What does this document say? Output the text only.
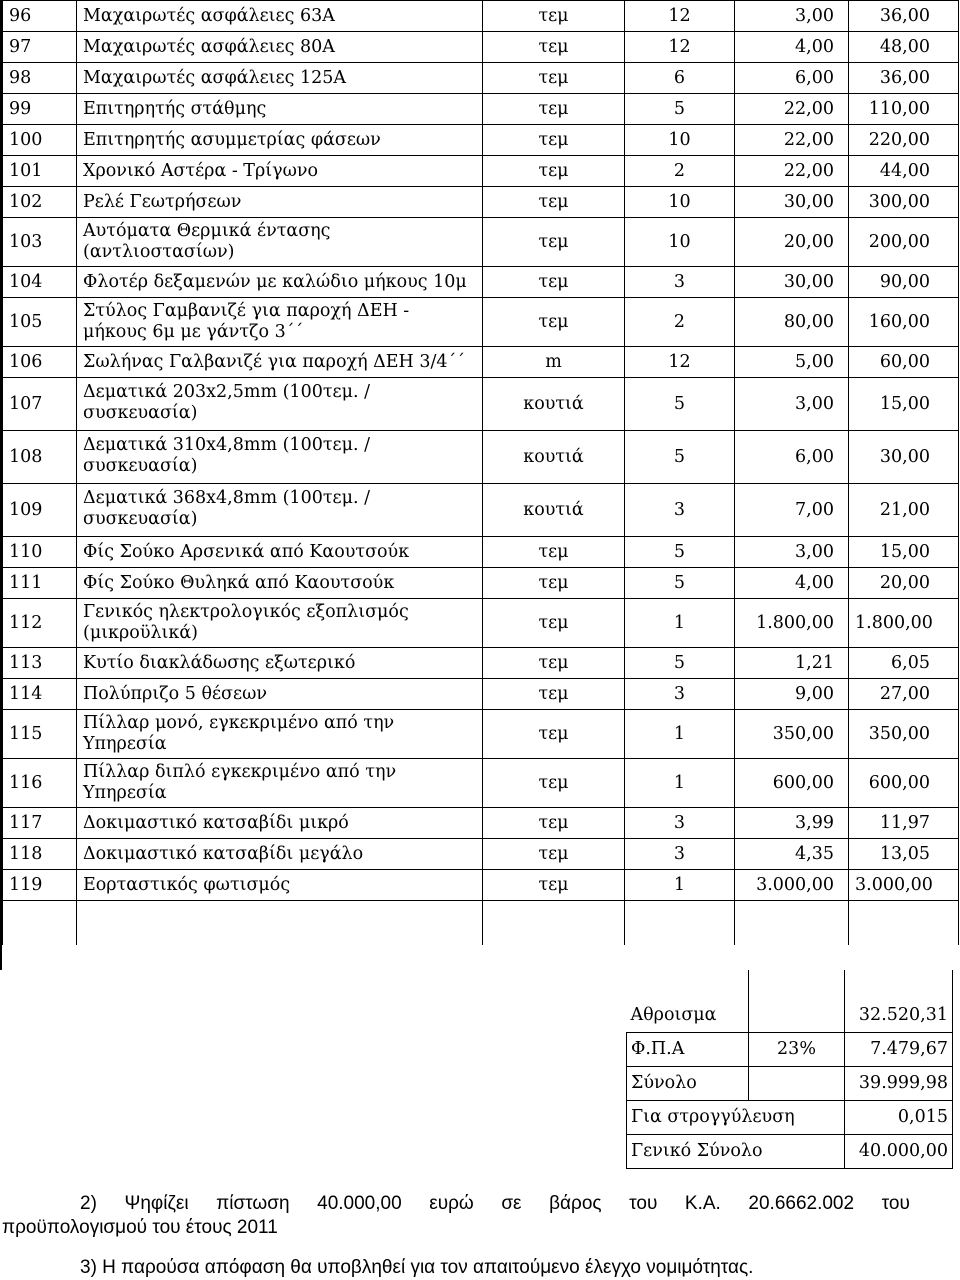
96	Μαχαιρωτές ασφάλειες 63Α	τεμ	12	3,00	36,00
97	Μαχαιρωτές ασφάλειες 80Α	τεμ	12	4,00	48,00
98	Μαχαιρωτές ασφάλειες 125Α	τεμ	6	6,00	36,00
99	Επιτηρητής στάθμης	τεμ	5	22,00	110,00
100	Επιτηρητής ασυμμετρίας φάσεων	τεμ	10	22,00	220,00
101	Χρονικό Αστέρα - Τρίγωνο	τεμ	2	22,00	44,00
102	Ρελέ Γεωτρήσεων	τεμ	10	30,00	300,00
103	Αυτόματα Θερμικά έντασης (αντλιοστασίων)	τεμ	10	20,00	200,00
104	Φλοτέρ δεξαμενών με καλώδιο μήκους 10μ	τεμ	3	30,00	90,00
105	Στύλος Γαμβανιζέ για παροχή ΔΕΗ - μήκους 6μ με γάντζο 3΄΄	τεμ	2	80,00	160,00
106	Σωλήνας Γαλβανιζέ για παροχή ΔΕΗ 3/4΄΄	m	12	5,00	60,00
107	Δεματικά 203x2,5mm (100τεμ. / συσκευασία)	κουτιά	5	3,00	15,00
108	Δεματικά 310x4,8mm (100τεμ. / συσκευασία)	κουτιά	5	6,00	30,00
109	Δεματικά 368x4,8mm (100τεμ. / συσκευασία)	κουτιά	3	7,00	21,00
110	Φίς Σούκο Αρσενικά από Καουτσούκ	τεμ	5	3,00	15,00
111	Φίς Σούκο Θυληκά από Καουτσούκ	τεμ	5	4,00	20,00
112	Γενικός ηλεκτρολογικός εξοπλισμός (μικροϋλικά)	τεμ	1	1.800,00	1.800,00
113	Κυτίο διακλάδωσης εξωτερικό	τεμ	5	1,21	6,05
114	Πολύπριζο 5 θέσεων	τεμ	3	9,00	27,00
115	Πίλλαρ μονό, εγκεκριμένο από την Υπηρεσία	τεμ	1	350,00	350,00
116	Πίλλαρ διπλό εγκεκριμένο από την Υπηρεσία	τεμ	1	600,00	600,00
117	Δοκιμαστικό κατσαβίδι μικρό	τεμ	3	3,99	11,97
118	Δοκιμαστικό κατσαβίδι μεγάλο	τεμ	3	4,35	13,05
119	Εορταστικός φωτισμός	τεμ	1	3.000,00	3.000,00

Αθροισμα		32.520,31
Φ.Π.Α	23%	7.479,67
Σύνολο		39.999,98
Για στρογγύλευση		0,015
Γενικό Σύνολο		40.000,00
2) Ψηφίζει πίστωση 40.000,00 ευρώ σε βάρος του Κ.Α. 20.6662.002 του
προϋπολογισμού του έτους 2011
3) Η παρούσα απόφαση θα υποβληθεί για τον απαιτούμενο έλεγχο νομιμότητας.
